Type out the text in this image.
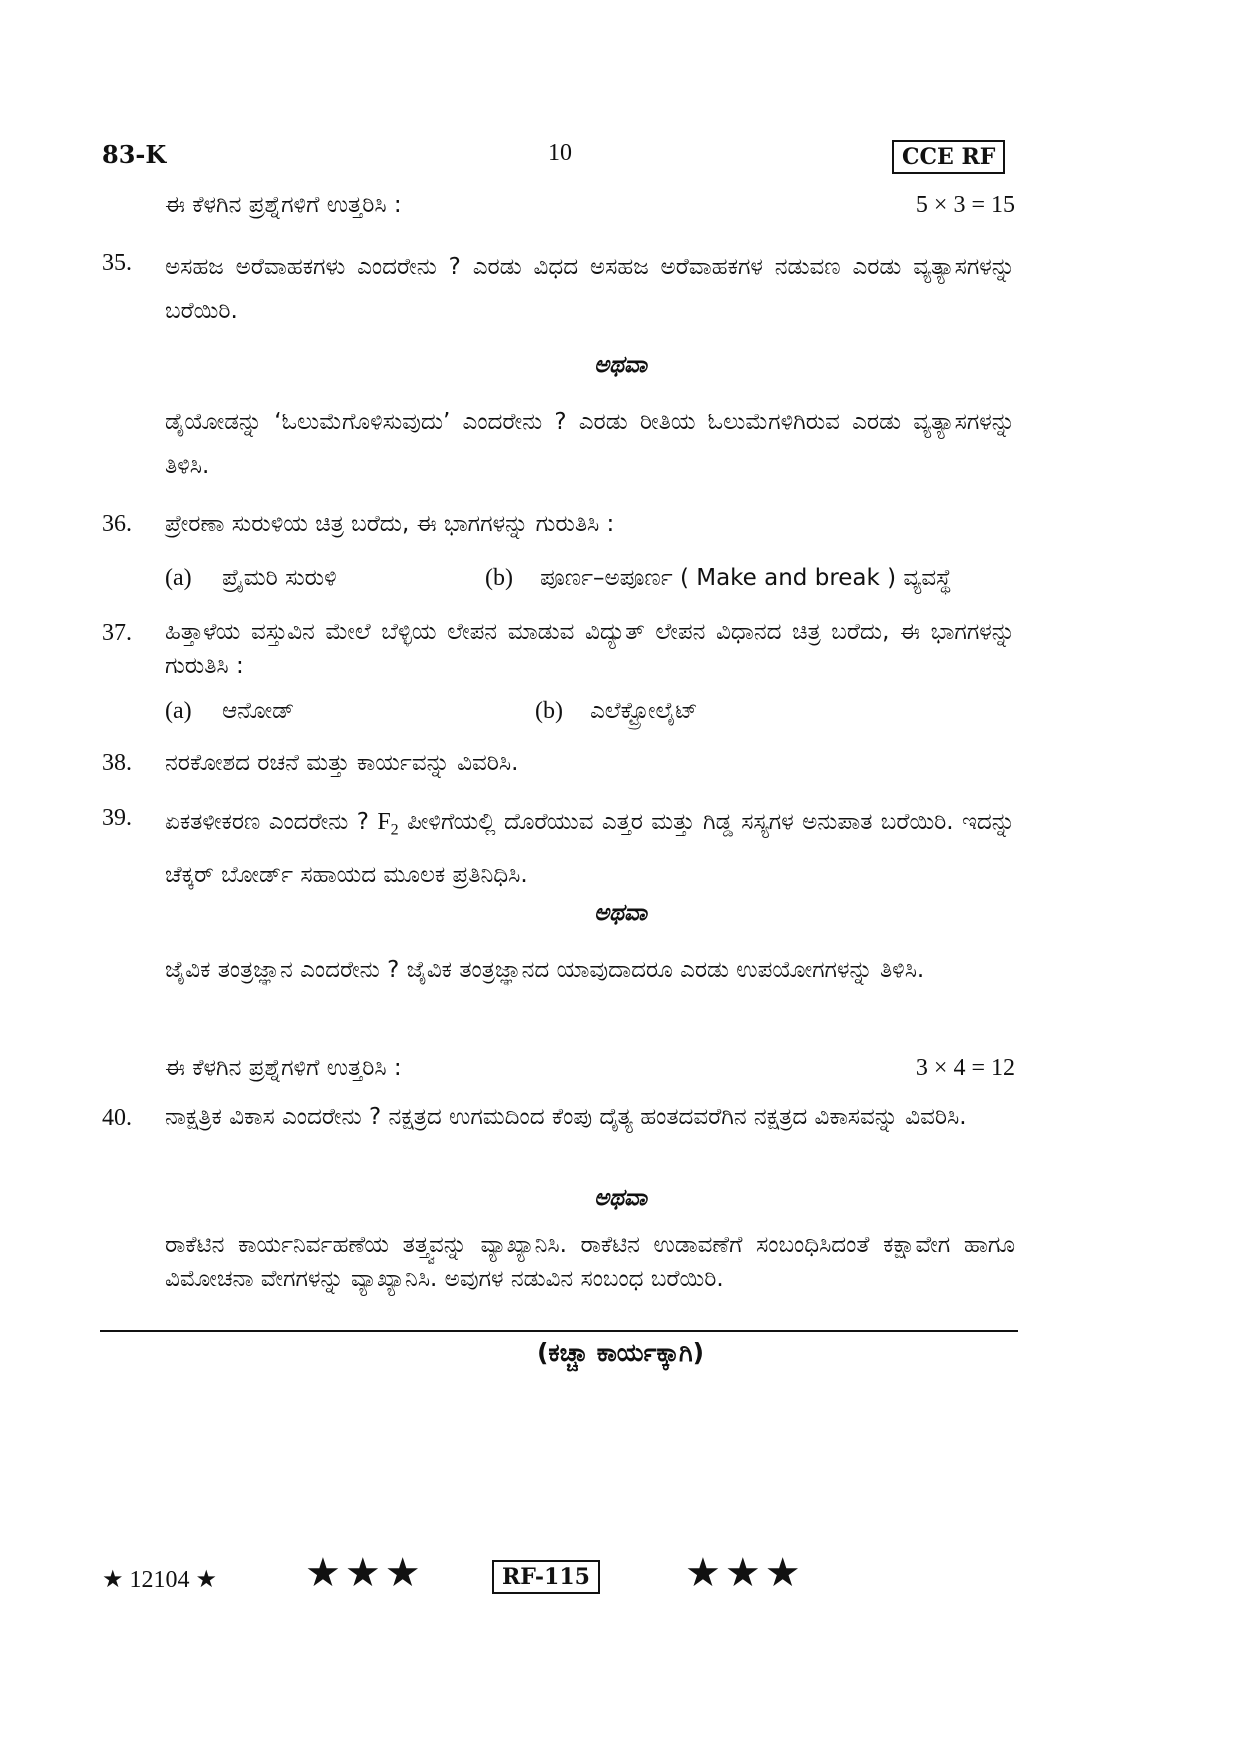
83-K	10	CCE RF
ಈ ಕೆಳಗಿನ ಪ್ರಶ್ನೆಗಳಿಗೆ ಉತ್ತರಿಸಿ :	5 × 3 = 15
35. ಅಸಹಜ ಅರೆವಾಹಕಗಳು ಎಂದರೇನು ? ಎರಡು ವಿಧದ ಅಸಹಜ ಅರೆವಾಹಕಗಳ ನಡುವಣ ಎರಡು ವ್ಯತ್ಯಾಸಗಳನ್ನು ಬರೆಯಿರಿ.
ಅಥವಾ
ಡೈಯೋಡನ್ನು ‘ಓಲುಮೆಗೊಳಿಸುವುದು’ ಎಂದರೇನು ? ಎರಡು ರೀತಿಯ ಓಲುಮೆಗಳಿಗಿರುವ ಎರಡು ವ್ಯತ್ಯಾಸಗಳನ್ನು ತಿಳಿಸಿ.
36. ಪ್ರೇರಣಾ ಸುರುಳಿಯ ಚಿತ್ರ ಬರೆದು, ಈ ಭಾಗಗಳನ್ನು ಗುರುತಿಸಿ :
(a) ಪ್ರೈಮರಿ ಸುರುಳಿ	(b) ಪೂರ್ಣ–ಅಪೂರ್ಣ ( Make and break ) ವ್ಯವಸ್ಥೆ
37. ಹಿತ್ತಾಳೆಯ ವಸ್ತುವಿನ ಮೇಲೆ ಬೆಳ್ಳಿಯ ಲೇಪನ ಮಾಡುವ ವಿದ್ಯುತ್ ಲೇಪನ ವಿಧಾನದ ಚಿತ್ರ ಬರೆದು, ಈ ಭಾಗಗಳನ್ನು ಗುರುತಿಸಿ :
(a) ಆನೋಡ್	(b) ಎಲೆಕ್ಟ್ರೋಲೈಟ್
38. ನರಕೋಶದ ರಚನೆ ಮತ್ತು ಕಾರ್ಯವನ್ನು ವಿವರಿಸಿ.
39. ಏಕತಳೀಕರಣ ಎಂದರೇನು ? $F_2$ ಪೀಳಿಗೆಯಲ್ಲಿ ದೊರೆಯುವ ಎತ್ತರ ಮತ್ತು ಗಿಡ್ಡ ಸಸ್ಯಗಳ ಅನುಪಾತ ಬರೆಯಿರಿ. ಇದನ್ನು ಚೆಕ್ಕರ್ ಬೋರ್ಡ್ ಸಹಾಯದ ಮೂಲಕ ಪ್ರತಿನಿಧಿಸಿ.
ಅಥವಾ
ಜೈವಿಕ ತಂತ್ರಜ್ಞಾನ ಎಂದರೇನು ? ಜೈವಿಕ ತಂತ್ರಜ್ಞಾನದ ಯಾವುದಾದರೂ ಎರಡು ಉಪಯೋಗಗಳನ್ನು ತಿಳಿಸಿ.
ಈ ಕೆಳಗಿನ ಪ್ರಶ್ನೆಗಳಿಗೆ ಉತ್ತರಿಸಿ :	3 × 4 = 12
40. ನಾಕ್ಷತ್ರಿಕ ವಿಕಾಸ ಎಂದರೇನು ? ನಕ್ಷತ್ರದ ಉಗಮದಿಂದ ಕೆಂಪು ದೈತ್ಯ ಹಂತದವರೆಗಿನ ನಕ್ಷತ್ರದ ವಿಕಾಸವನ್ನು ವಿವರಿಸಿ.
ಅಥವಾ
ರಾಕೆಟಿನ ಕಾರ್ಯನಿರ್ವಹಣೆಯ ತತ್ತ್ವವನ್ನು ವ್ಯಾಖ್ಯಾನಿಸಿ. ರಾಕೆಟಿನ ಉಡಾವಣೆಗೆ ಸಂಬಂಧಿಸಿದಂತೆ ಕಕ್ಷಾವೇಗ ಹಾಗೂ ವಿಮೋಚನಾ ವೇಗಗಳನ್ನು ವ್ಯಾಖ್ಯಾನಿಸಿ. ಅವುಗಳ ನಡುವಿನ ಸಂಬಂಧ ಬರೆಯಿರಿ.
(ಕಚ್ಚಾ ಕಾರ್ಯಕ್ಕಾಗಿ)
★ 12104 ★ ★★★	RF-115 ★★★
